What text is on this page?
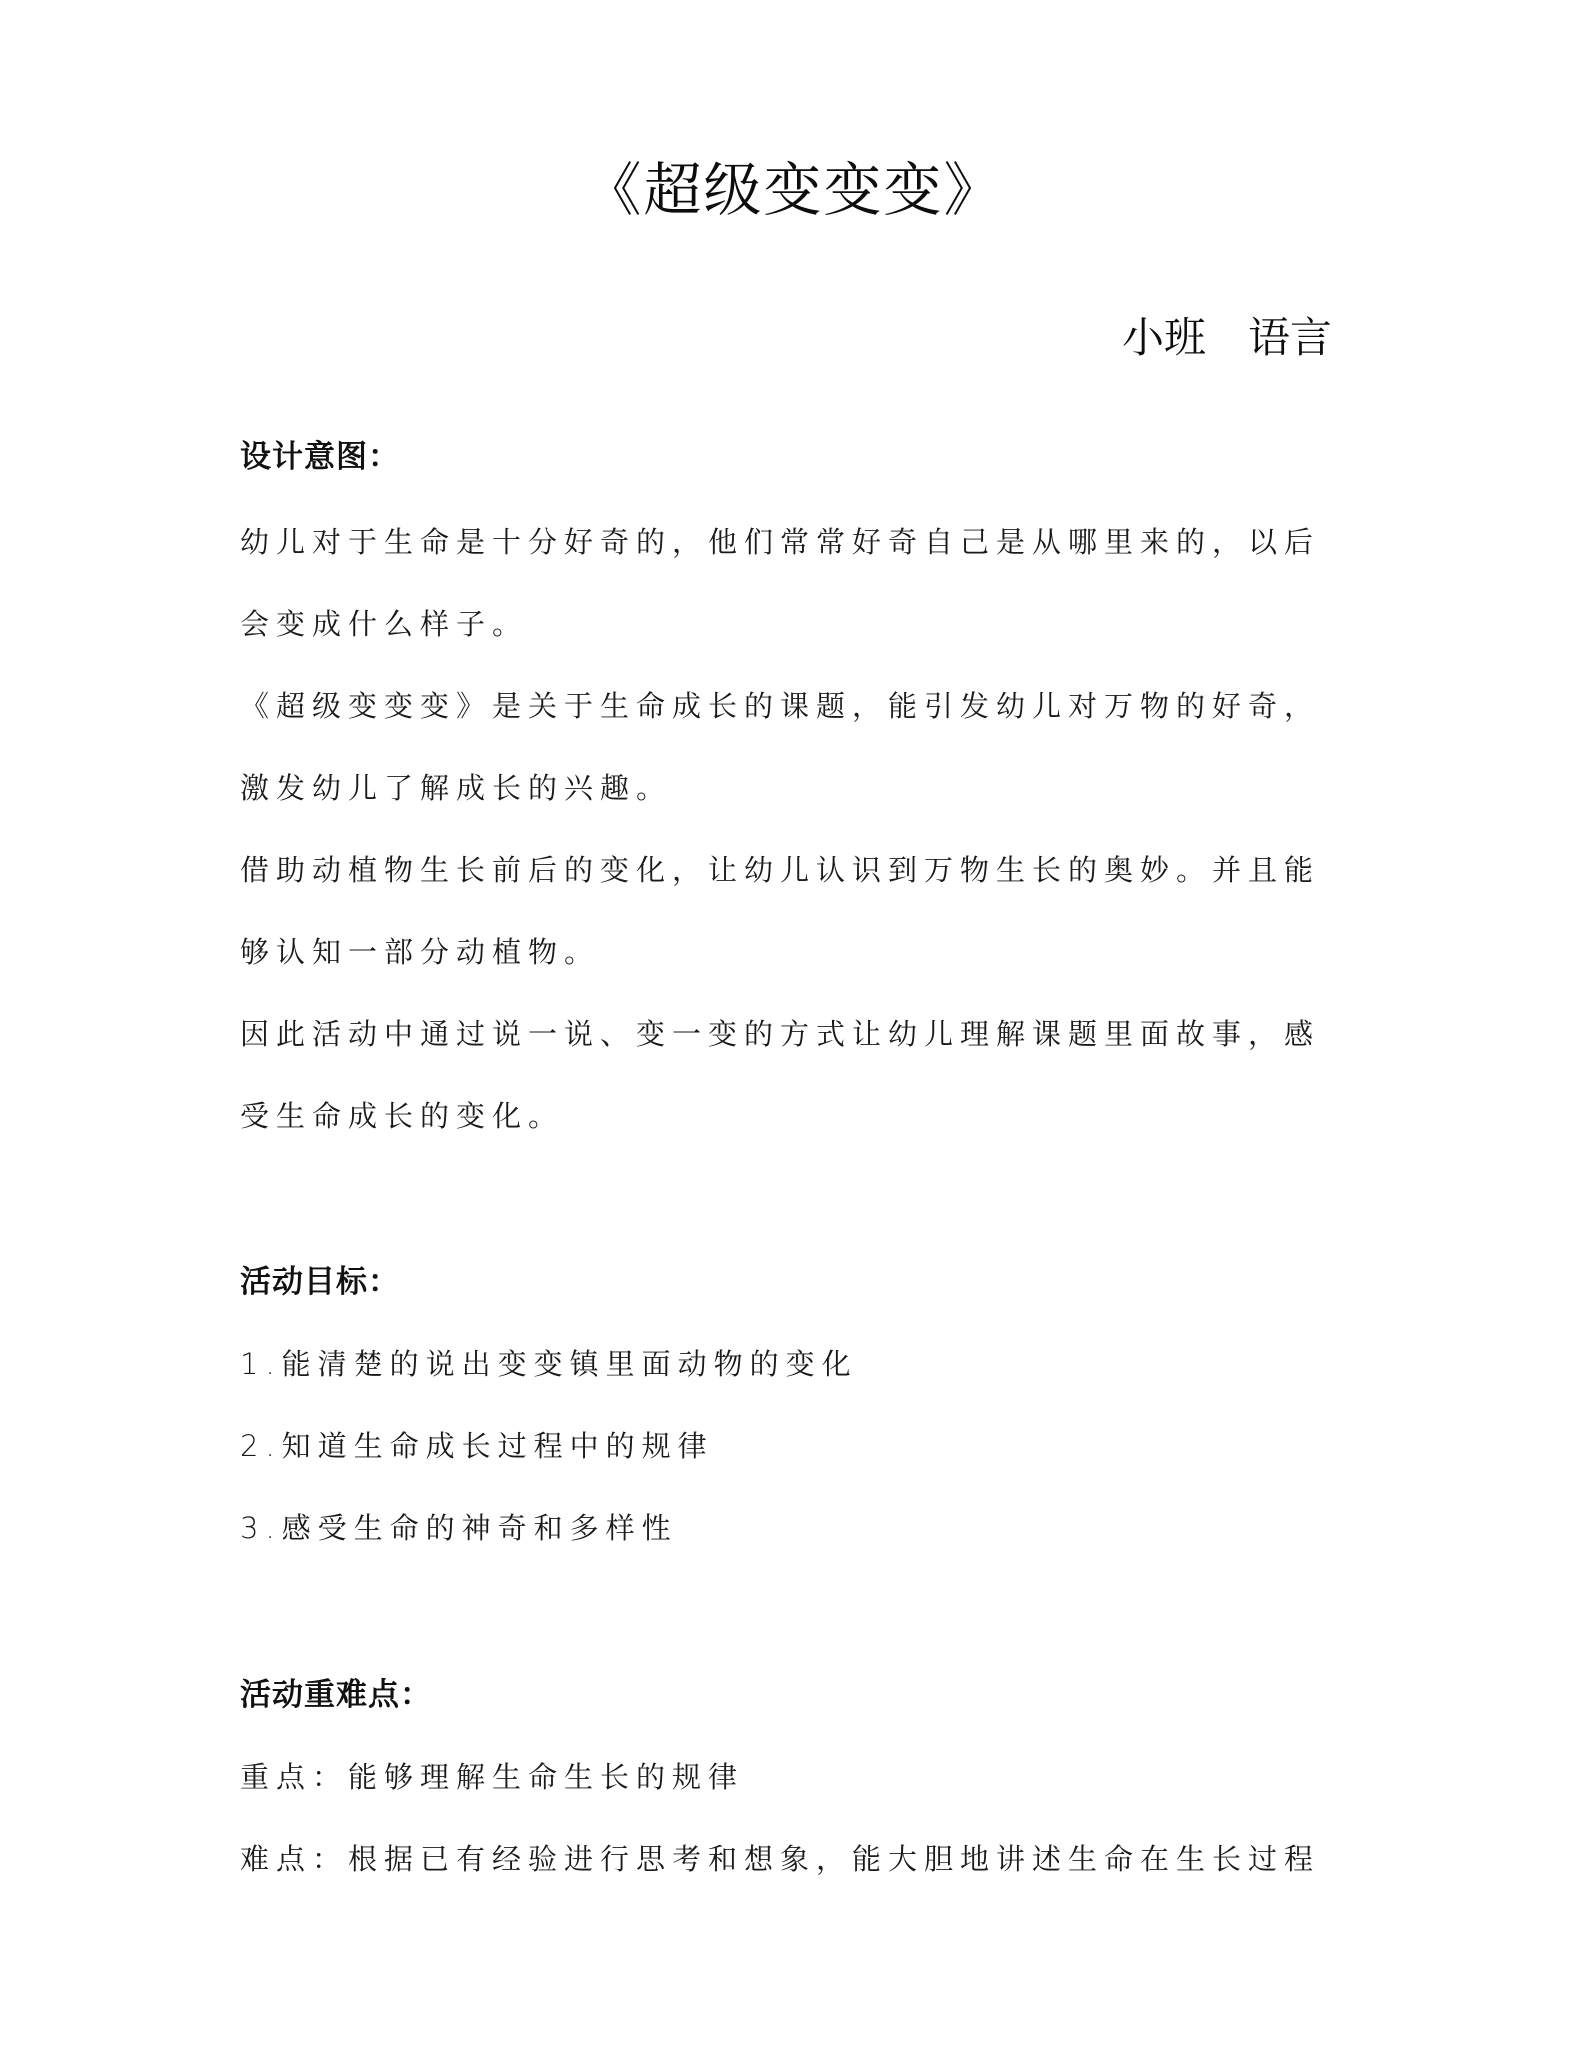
《超级变变变》
小班　语言
设计意图：
幼儿对于生命是十分好奇的，他们常常好奇自己是从哪里来的，以后
会变成什么样子。
《超级变变变》是关于生命成长的课题，能引发幼儿对万物的好奇，
激发幼儿了解成长的兴趣。
借助动植物生长前后的变化，让幼儿认识到万物生长的奥妙。并且能
够认知一部分动植物。
因此活动中通过说一说、变一变的方式让幼儿理解课题里面故事，感
受生命成长的变化。
活动目标：
1.能清楚的说出变变镇里面动物的变化
2.知道生命成长过程中的规律
3.感受生命的神奇和多样性
活动重难点：
重点：能够理解生命生长的规律
难点：根据已有经验进行思考和想象，能大胆地讲述生命在生长过程
